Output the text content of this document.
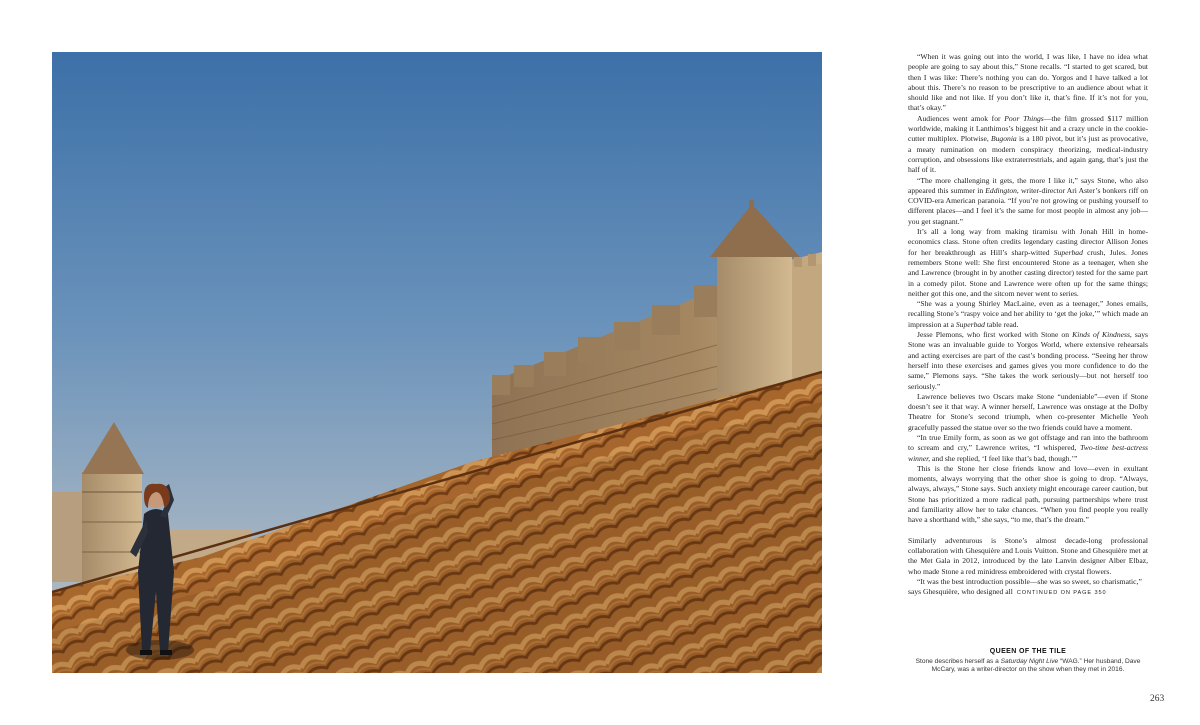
“When it was going out into the world, I was like, I have no idea what people are going to say about this,” Stone recalls. “I started to get scared, but then I was like: There’s nothing you can do. Yorgos and I have talked a lot about this. There’s no reason to be prescriptive to an audience about what it should like and not like. If you don’t like it, that’s fine. If it’s not for you, that’s okay.”

Audiences went amok for Poor Things—the film grossed $117 million worldwide, making it Lanthimos’s biggest hit and a crazy uncle in the cookie-cutter multiplex. Plotwise, Bugonia is a 180 pivot, but it’s just as provocative, a meaty rumination on modern conspiracy theorizing, medical-industry corruption, and obsessions like extraterrestrials, and again gang, that’s just the half of it.

“The more challenging it gets, the more I like it,” says Stone, who also appeared this summer in Eddington, writer-director Ari Aster’s bonkers riff on COVID-era American paranoia. “If you’re not growing or pushing yourself to different places—and I feel it’s the same for most people in almost any job—you get stagnant.”

It’s all a long way from making tiramisu with Jonah Hill in home-economics class. Stone often credits legendary casting director Allison Jones for her breakthrough as Hill’s sharp-witted Superbad crush, Jules. Jones remembers Stone well: She first encountered Stone as a teenager, when she and Lawrence (brought in by another casting director) tested for the same part in a comedy pilot. Stone and Lawrence were often up for the same things; neither got this one, and the sitcom never went to series.

“She was a young Shirley MacLaine, even as a teenager,” Jones emails, recalling Stone’s “raspy voice and her ability to ‘get the joke,’” which made an impression at a Superbad table read.

Jesse Plemons, who first worked with Stone on Kinds of Kindness, says Stone was an invaluable guide to Yorgos World, where extensive rehearsals and acting exercises are part of the cast’s bonding process. “Seeing her throw herself into these exercises and games gives you more confidence to do the same,” Plemons says. “She takes the work seriously—but not herself too seriously.”

Lawrence believes two Oscars make Stone “undeniable”—even if Stone doesn’t see it that way. A winner herself, Lawrence was onstage at the Dolby Theatre for Stone’s second triumph, when co-presenter Michelle Yeoh gracefully passed the statue over so the two friends could have a moment.

“In true Emily form, as soon as we got offstage and ran into the bathroom to scream and cry,” Lawrence writes, “I whispered, Two-time best-actress winner, and she replied, ‘I feel like that’s bad, though.’”

This is the Stone her close friends know and love—even in exultant moments, always worrying that the other shoe is going to drop. “Always, always, always,” Stone says. Such anxiety might encourage career caution, but Stone has prioritized a more radical path, pursuing partnerships where trust and familiarity allow her to take chances. “When you find people you really have a shorthand with,” she says, “to me, that’s the dream.”

Similarly adventurous is Stone’s almost decade-long professional collaboration with Ghesquière and Louis Vuitton. Stone and Ghesquière met at the Met Gala in 2012, introduced by the late Lanvin designer Alber Elbaz, who made Stone a red minidress embroidered with crystal flowers.

“It was the best introduction possible—she was so sweet, so charismatic,” says Ghesquière, who designed all CONTINUED ON PAGE 350

QUEEN OF THE TILE
Stone describes herself as a Saturday Night Live “WAG.” Her husband, Dave McCary, was a writer-director on the show when they met in 2016.
263
